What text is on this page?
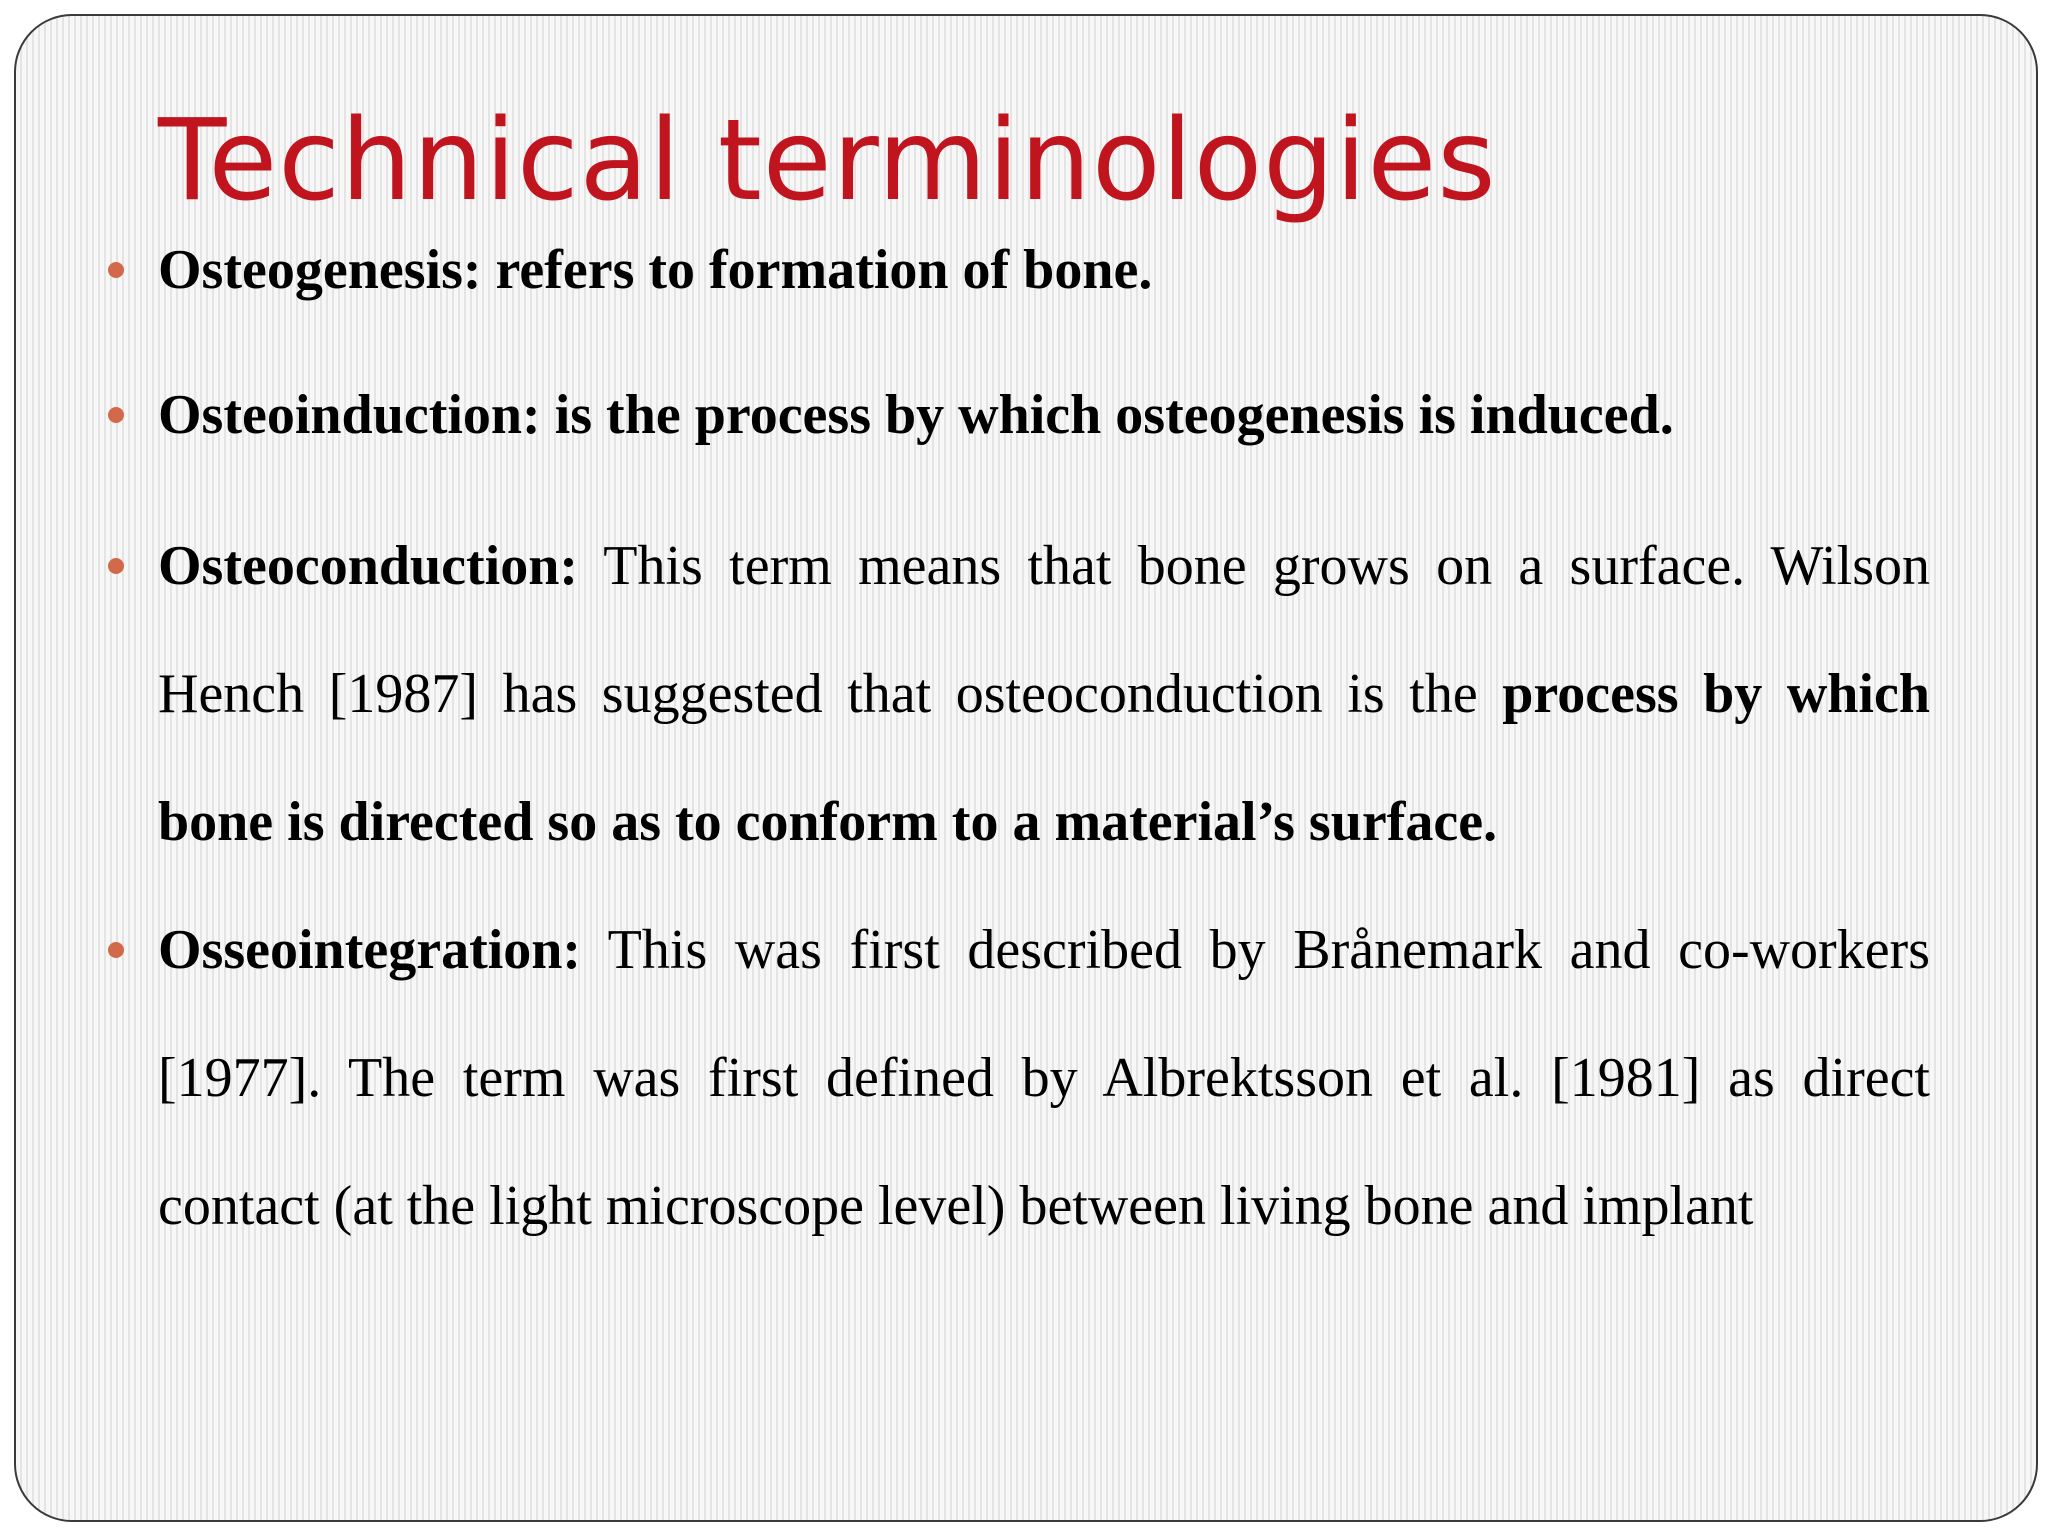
Technical terminologies
Osteogenesis: refers to formation of bone.
Osteoinduction: is the process by which osteogenesis is induced.
Osteoconduction: This term means that bone grows on a surface. Wilson Hench [1987] has suggested that osteoconduction is the process by which bone is directed so as to conform to a material’s surface.
Osseointegration: This was first described by Brånemark and co-workers [1977]. The term was first defined by Albrektsson et al. [1981] as direct contact (at the light microscope level) between living bone and implant
